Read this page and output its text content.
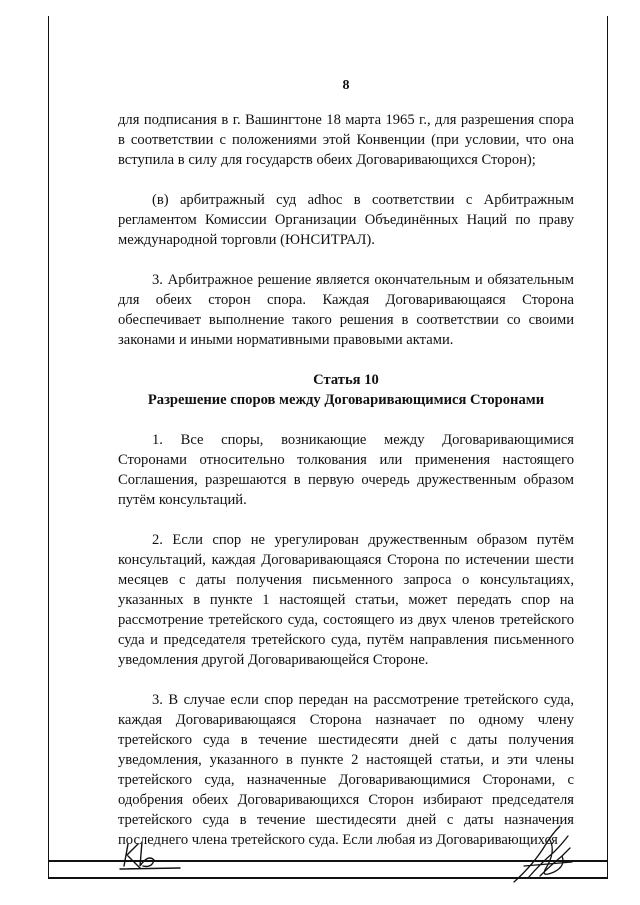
8

для подписания в г. Вашингтоне 18 марта 1965 г., для разрешения спора в соответствии с положениями этой Конвенции (при условии, что она вступила в силу для государств обеих Договаривающихся Сторон);

(в) арбитражный суд adhoc в соответствии с Арбитражным регламентом Комиссии Организации Объединённых Наций по праву международной торговли (ЮНСИТРАЛ).

3. Арбитражное решение является окончательным и обязательным для обеих сторон спора. Каждая Договаривающаяся Сторона обеспечивает выполнение такого решения в соответствии со своими законами и иными нормативными правовыми актами.

Статья 10
Разрешение споров между Договаривающимися Сторонами

1. Все споры, возникающие между Договаривающимися Сторонами относительно толкования или применения настоящего Соглашения, разрешаются в первую очередь дружественным образом путём консультаций.

2. Если спор не урегулирован дружественным образом путём консультаций, каждая Договаривающаяся Сторона по истечении шести месяцев с даты получения письменного запроса о консультациях, указанных в пункте 1 настоящей статьи, может передать спор на рассмотрение третейского суда, состоящего из двух членов третейского суда и председателя третейского суда, путём направления письменного уведомления другой Договаривающейся Стороне.

3. В случае если спор передан на рассмотрение третейского суда, каждая Договаривающаяся Сторона назначает по одному члену третейского суда в течение шестидесяти дней с даты получения уведомления, указанного в пункте 2 настоящей статьи, и эти члены третейского суда, назначенные Договаривающимися Сторонами, с одобрения обеих Договаривающихся Сторон избирают председателя третейского суда в течение шестидесяти дней с даты назначения последнего члена третейского суда. Если любая из Договаривающихся
